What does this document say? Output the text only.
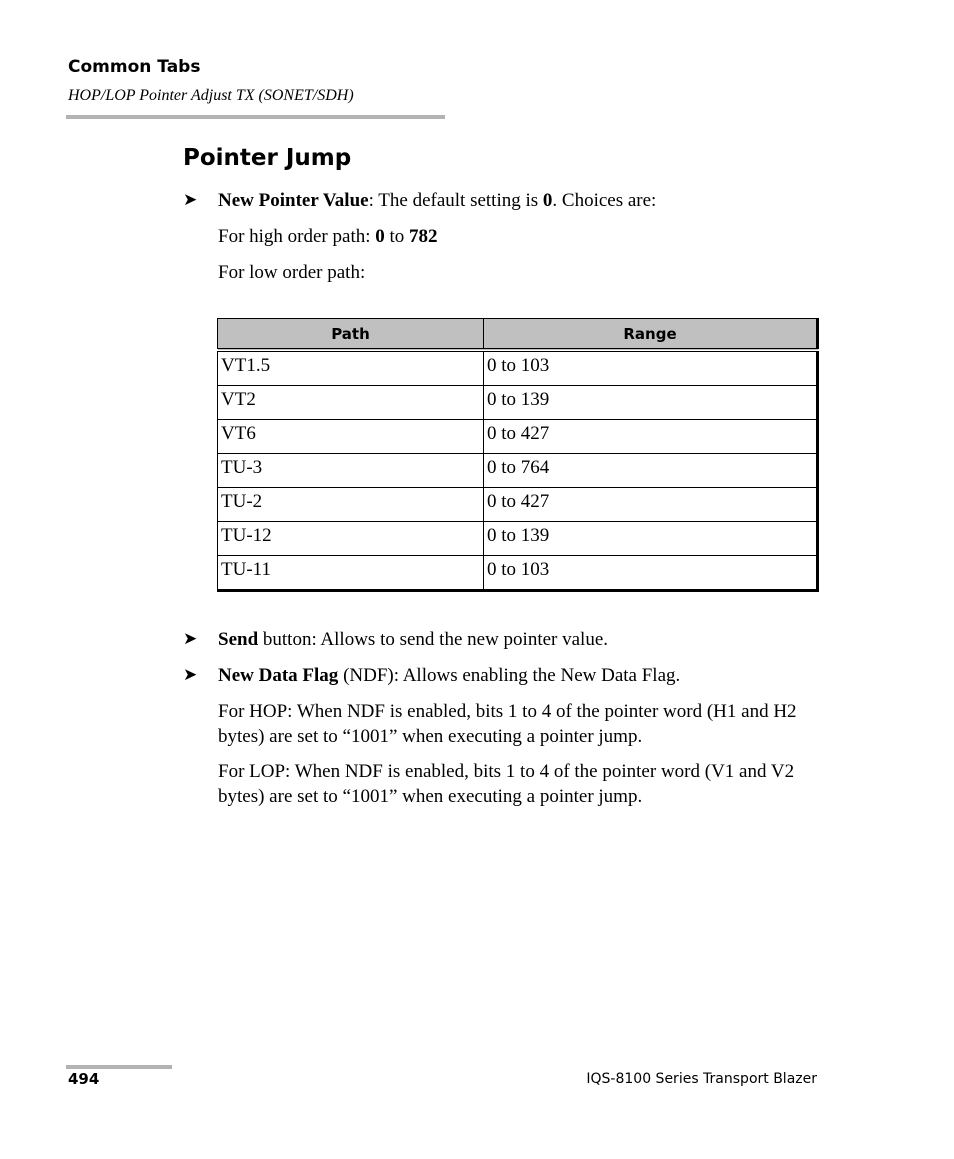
Common Tabs
HOP/LOP Pointer Adjust TX (SONET/SDH)
Pointer Jump
➤ New Pointer Value: The default setting is 0. Choices are:
For high order path: 0 to 782
For low order path:
Path	Range
VT1.5	0 to 103
VT2	0 to 139
VT6	0 to 427
TU-3	0 to 764
TU-2	0 to 427
TU-12	0 to 139
TU-11	0 to 103
➤ Send button: Allows to send the new pointer value.
➤ New Data Flag (NDF): Allows enabling the New Data Flag.
For HOP: When NDF is enabled, bits 1 to 4 of the pointer word (H1 and H2 bytes) are set to “1001” when executing a pointer jump.
For LOP: When NDF is enabled, bits 1 to 4 of the pointer word (V1 and V2 bytes) are set to “1001” when executing a pointer jump.
494	IQS-8100 Series Transport Blazer
